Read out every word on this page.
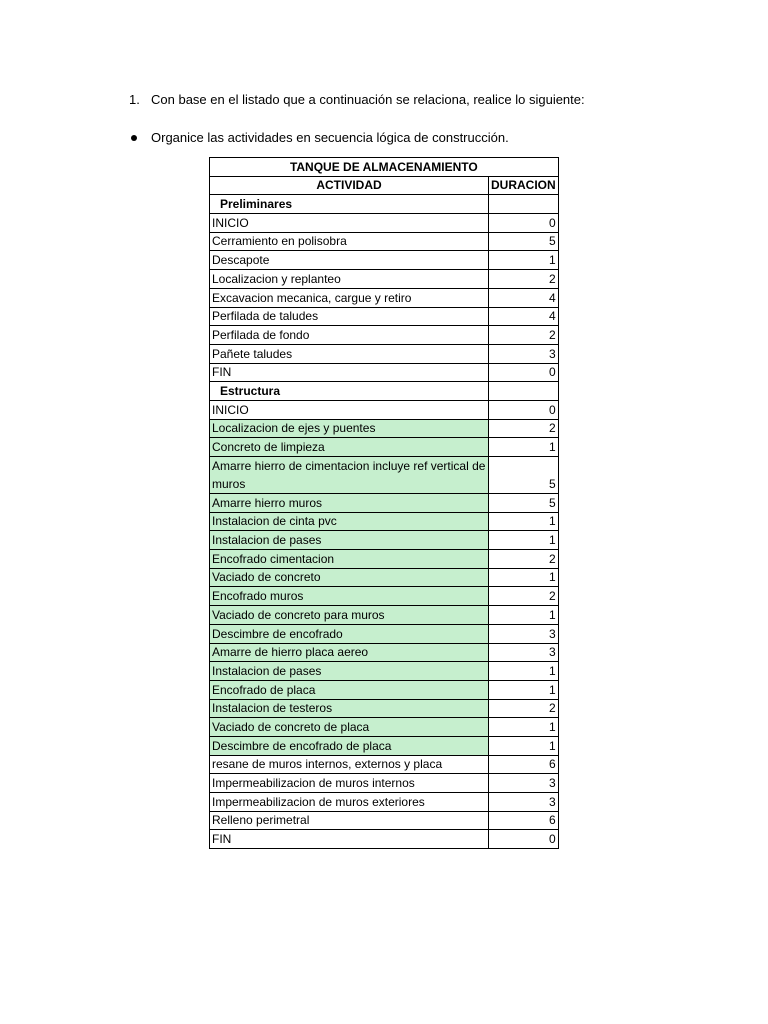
1. Con base en el listado que a continuación se relaciona, realice lo siguiente:
Organice las actividades en secuencia lógica de construcción.
TANQUE DE ALMACENAMIENTO	
ACTIVIDAD	DURACION
Preliminares	
INICIO	0
Cerramiento en polisobra	5
Descapote	1
Localizacion y replanteo	2
Excavacion mecanica, cargue y retiro	4
Perfilada de taludes	4
Perfilada de fondo	2
Pañete taludes	3
FIN	0
Estructura	
INICIO	0
Localizacion de ejes y puentes	2
Concreto de limpieza	1
Amarre hierro de cimentacion incluye ref vertical de muros	5
Amarre hierro muros	5
Instalacion de cinta pvc	1
Instalacion de pases	1
Encofrado cimentacion	2
Vaciado de concreto	1
Encofrado muros	2
Vaciado de concreto para muros	1
Descimbre de encofrado	3
Amarre de hierro placa aereo	3
Instalacion de pases	1
Encofrado de placa	1
Instalacion de testeros	2
Vaciado de concreto de placa	1
Descimbre de encofrado de placa	1
resane de muros internos, externos y placa	6
Impermeabilizacion de muros internos	3
Impermeabilizacion de muros exteriores	3
Relleno perimetral	6
FIN	0
